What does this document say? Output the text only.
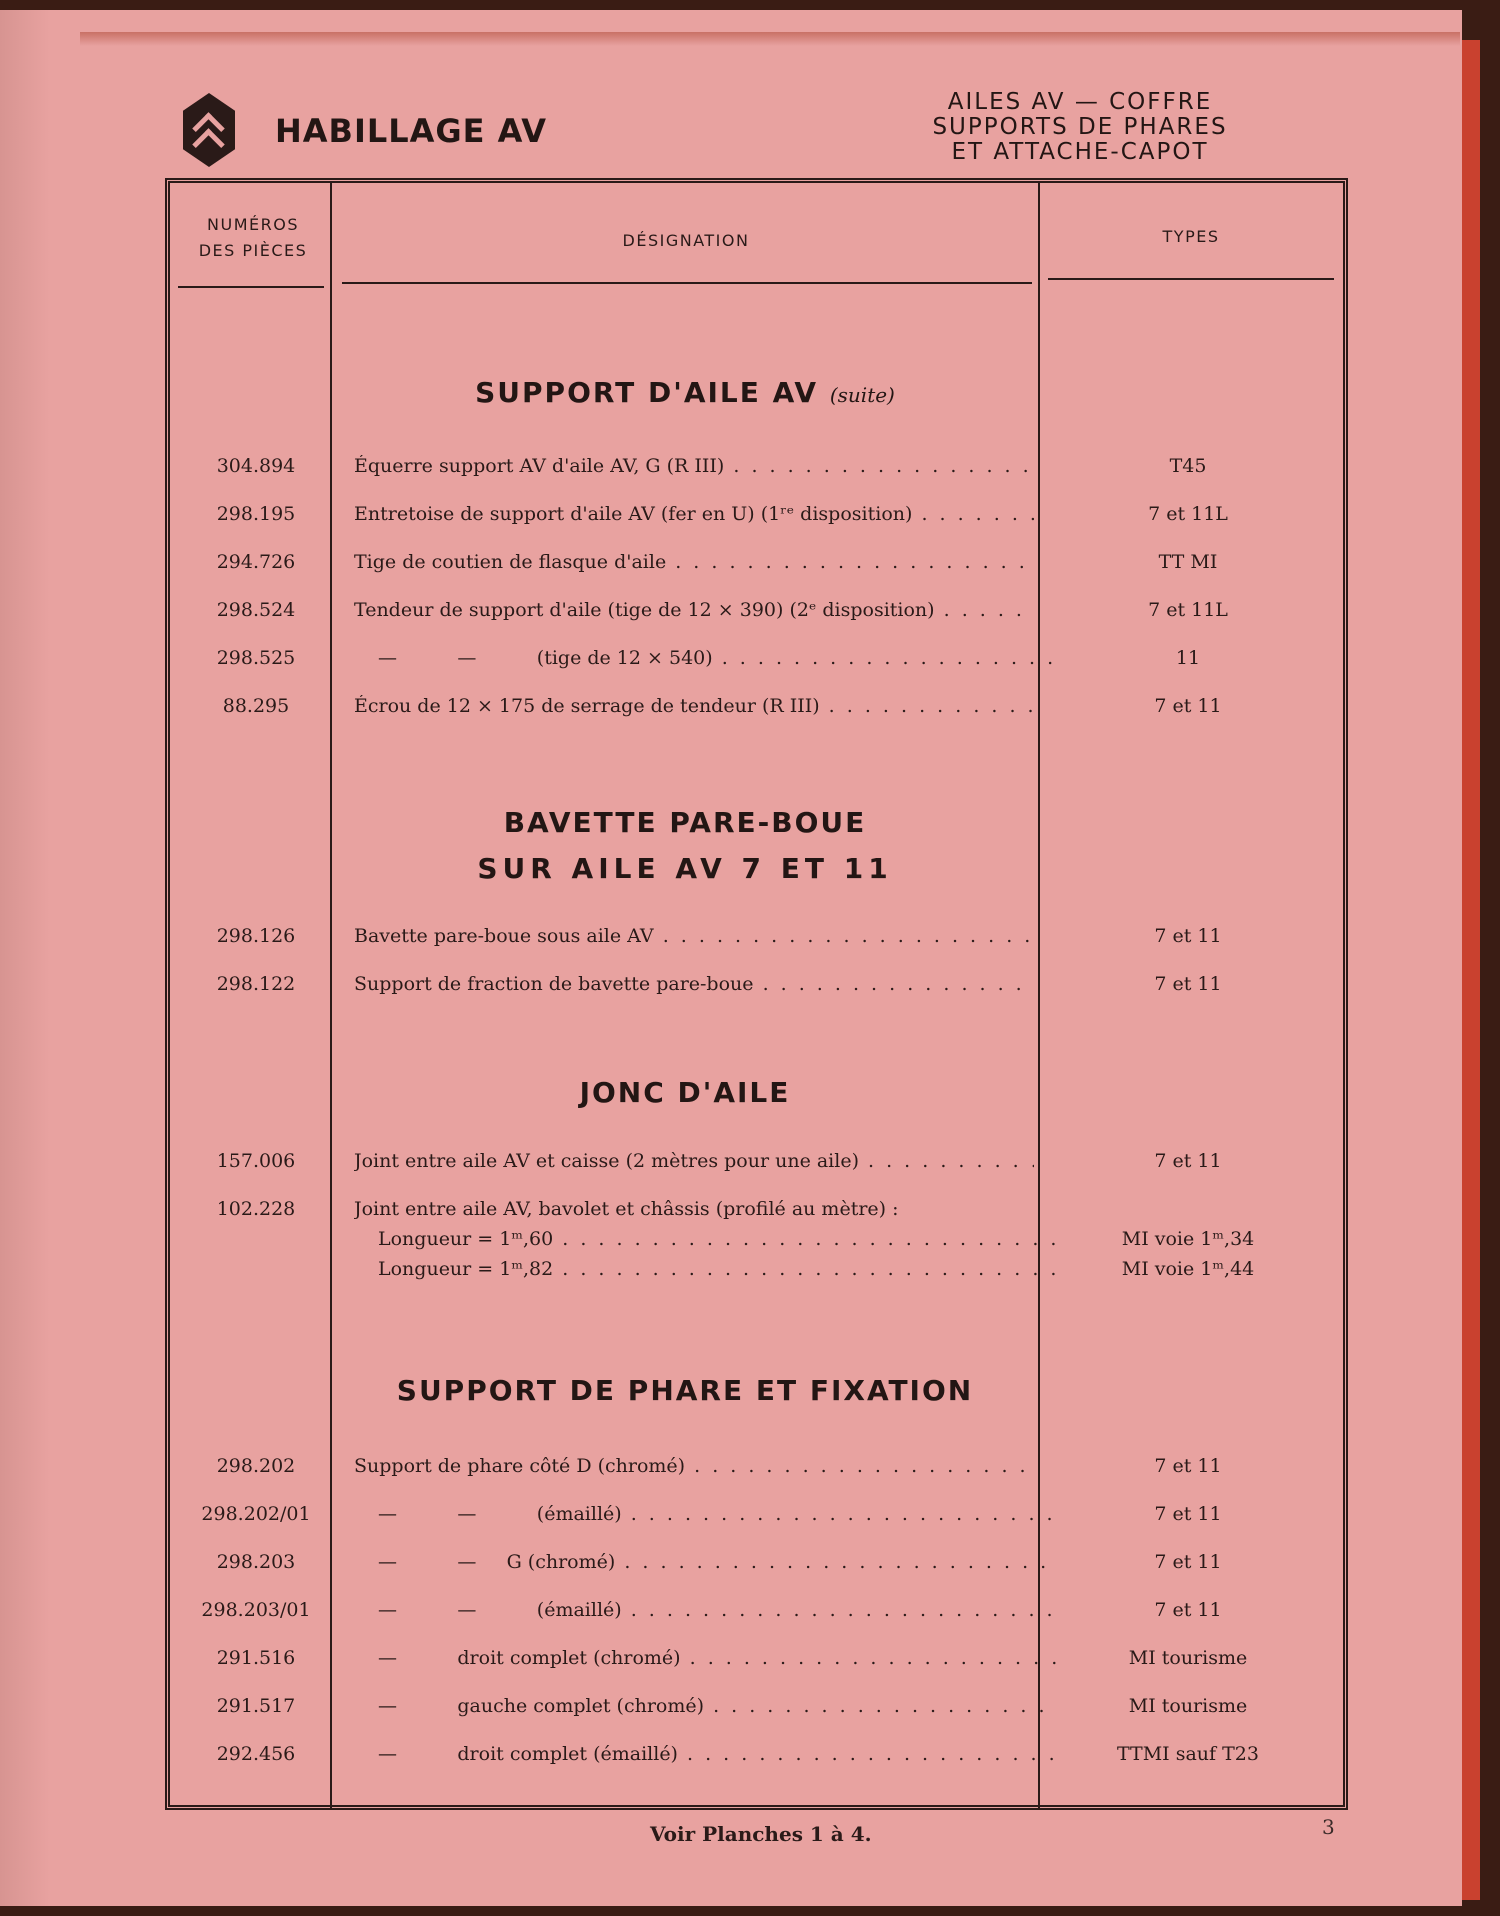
HABILLAGE AV
AILES AV — COFFRE
SUPPORTS DE PHARES
ET ATTACHE-CAPOT
NUMÉROS
DES PIÈCES
DÉSIGNATION	TYPES
SUPPORT D'AILE AV (suite)
304.894	Équerre support AV d'aile AV, G (R III) . . .	T45
298.195	Entretoise de support d'aile AV (fer en U) (1ʳᵉ disposition) . . .	7 et 11L
294.726	Tige de coutien de flasque d'aile . . .	TT MI
298.524	Tendeur de support d'aile (tige de 12 × 390) (2ᵉ disposition) . . .	7 et 11L
298.525	—          —          (tige de 12 × 540) . . .	11
88.295	Écrou de 12 × 175 de serrage de tendeur (R III) . . .	7 et 11
BAVETTE PARE-BOUE
SUR AILE AV 7 ET 11
298.126	Bavette pare-boue sous aile AV . . .	7 et 11
298.122	Support de fraction de bavette pare-boue . . .	7 et 11
JONC D'AILE
157.006	Joint entre aile AV et caisse (2 mètres pour une aile) . . .	7 et 11
102.228	Joint entre aile AV, bavolet et châssis (profilé au mètre) :
Longueur = 1ᵐ,60 . . .	MI voie 1ᵐ,34
Longueur = 1ᵐ,82 . . .	MI voie 1ᵐ,44
SUPPORT DE PHARE ET FIXATION
298.202	Support de phare côté D (chromé) . . .	7 et 11
298.202/01	—          —          (émaillé) . . .	7 et 11
298.203	—          —     G (chromé) . . .	7 et 11
298.203/01	—          —          (émaillé) . . .	7 et 11
291.516	—          droit complet (chromé) . . .	MI tourisme
291.517	—          gauche complet (chromé) . . .	MI tourisme
292.456	—          droit complet (émaillé) . . .	TTMI sauf T23
Voir Planches 1 à 4.	3
